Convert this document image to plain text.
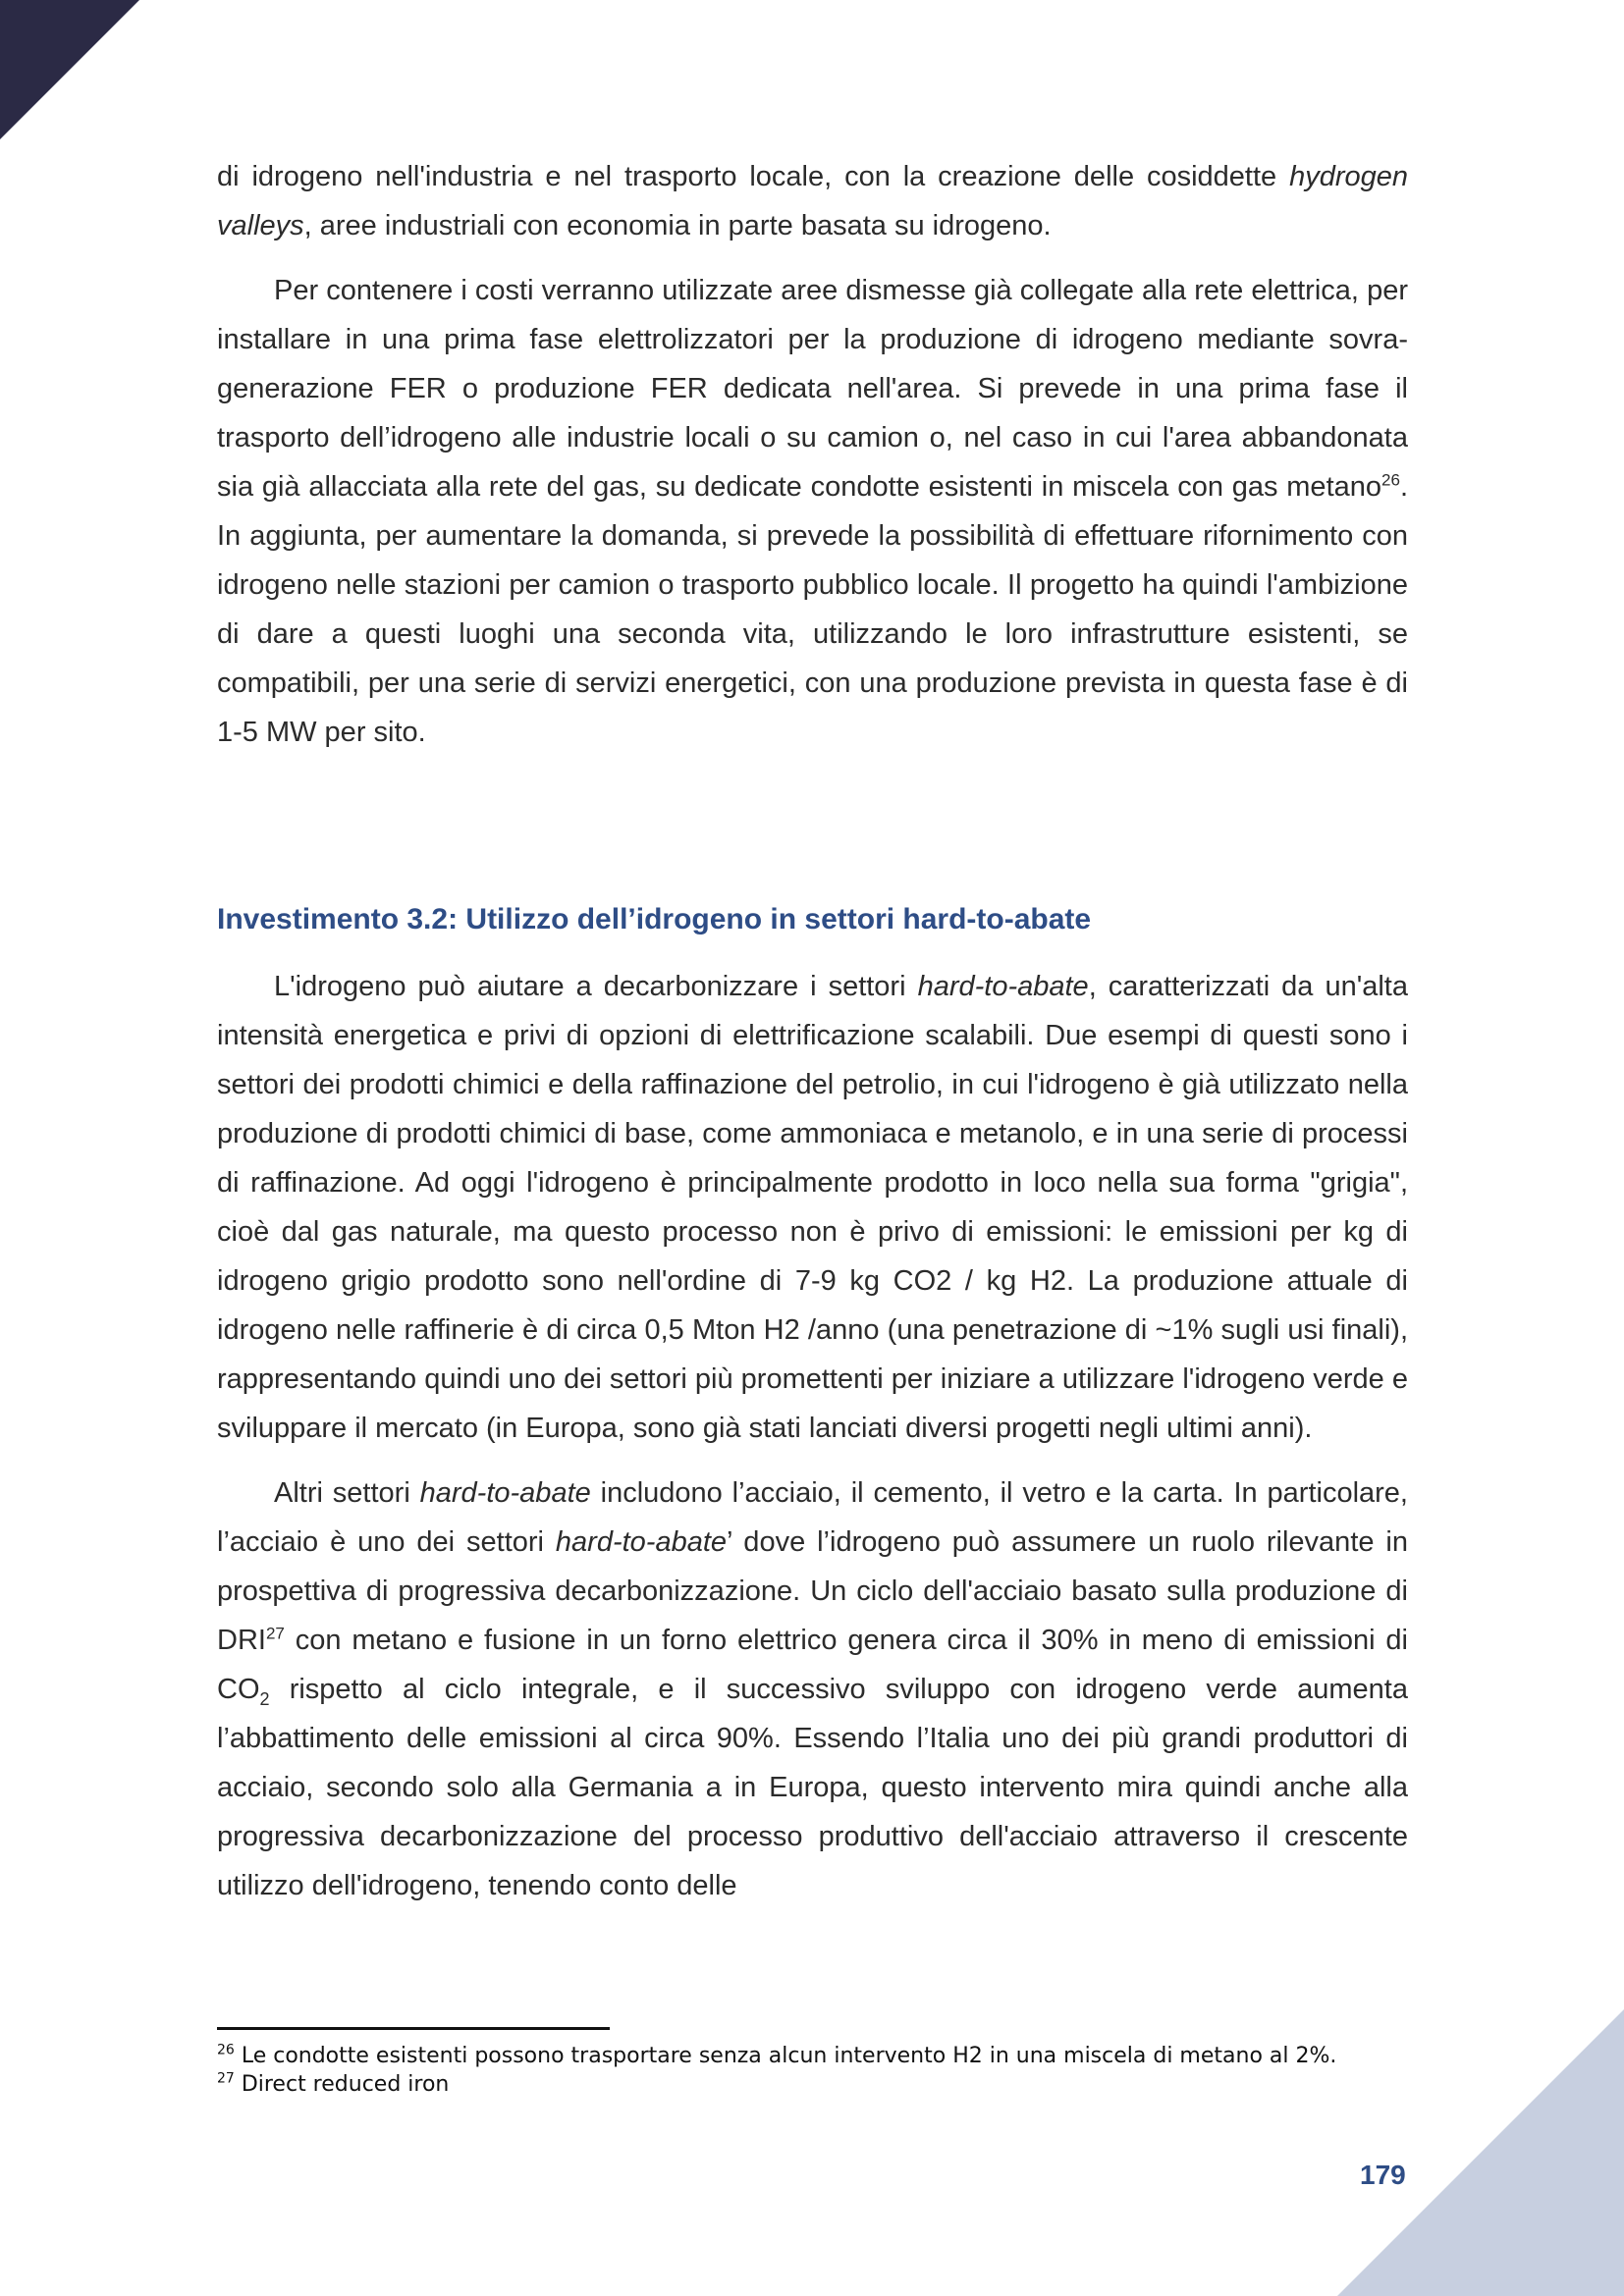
di idrogeno nell'industria e nel trasporto locale, con la creazione delle cosiddette hydrogen valleys, aree industriali con economia in parte basata su idrogeno.

Per contenere i costi verranno utilizzate aree dismesse già collegate alla rete elettrica, per installare in una prima fase elettrolizzatori per la produzione di idrogeno mediante sovra-generazione FER o produzione FER dedicata nell'area. Si prevede in una prima fase il trasporto dell’idrogeno alle industrie locali o su camion o, nel caso in cui l'area abbandonata sia già allacciata alla rete del gas, su dedicate condotte esistenti in miscela con gas metano$^{26}$. In aggiunta, per aumentare la domanda, si prevede la possibilità di effettuare rifornimento con idrogeno nelle stazioni per camion o trasporto pubblico locale. Il progetto ha quindi l'ambizione di dare a questi luoghi una seconda vita, utilizzando le loro infrastrutture esistenti, se compatibili, per una serie di servizi energetici, con una produzione prevista in questa fase è di 1-5 MW per sito.

Investimento 3.2: Utilizzo dell’idrogeno in settori hard-to-abate

L'idrogeno può aiutare a decarbonizzare i settori hard-to-abate, caratterizzati da un'alta intensità energetica e privi di opzioni di elettrificazione scalabili. Due esempi di questi sono i settori dei prodotti chimici e della raffinazione del petrolio, in cui l'idrogeno è già utilizzato nella produzione di prodotti chimici di base, come ammoniaca e metanolo, e in una serie di processi di raffinazione. Ad oggi l'idrogeno è principalmente prodotto in loco nella sua forma "grigia", cioè dal gas naturale, ma questo processo non è privo di emissioni: le emissioni per kg di idrogeno grigio prodotto sono nell'ordine di 7-9 kg CO2 / kg H2. La produzione attuale di idrogeno nelle raffinerie è di circa 0,5 Mton H2 /anno (una penetrazione di ~1% sugli usi finali), rappresentando quindi uno dei settori più promettenti per iniziare a utilizzare l'idrogeno verde e sviluppare il mercato (in Europa, sono già stati lanciati diversi progetti negli ultimi anni).

Altri settori hard-to-abate includono l’acciaio, il cemento, il vetro e la carta. In particolare, l’acciaio è uno dei settori hard-to-abate’ dove l’idrogeno può assumere un ruolo rilevante in prospettiva di progressiva decarbonizzazione. Un ciclo dell'acciaio basato sulla produzione di DRI$^{27}$ con metano e fusione in un forno elettrico genera circa il 30% in meno di emissioni di $CO_2$ rispetto al ciclo integrale, e il successivo sviluppo con idrogeno verde aumenta l’abbattimento delle emissioni al circa 90%. Essendo l’Italia uno dei più grandi produttori di acciaio, secondo solo alla Germania a in Europa, questo intervento mira quindi anche alla progressiva decarbonizzazione del processo produttivo dell'acciaio attraverso il crescente utilizzo dell'idrogeno, tenendo conto delle

$^{26}$ Le condotte esistenti possono trasportare senza alcun intervento H2 in una miscela di metano al 2%.

$^{27}$ Direct reduced iron

179
